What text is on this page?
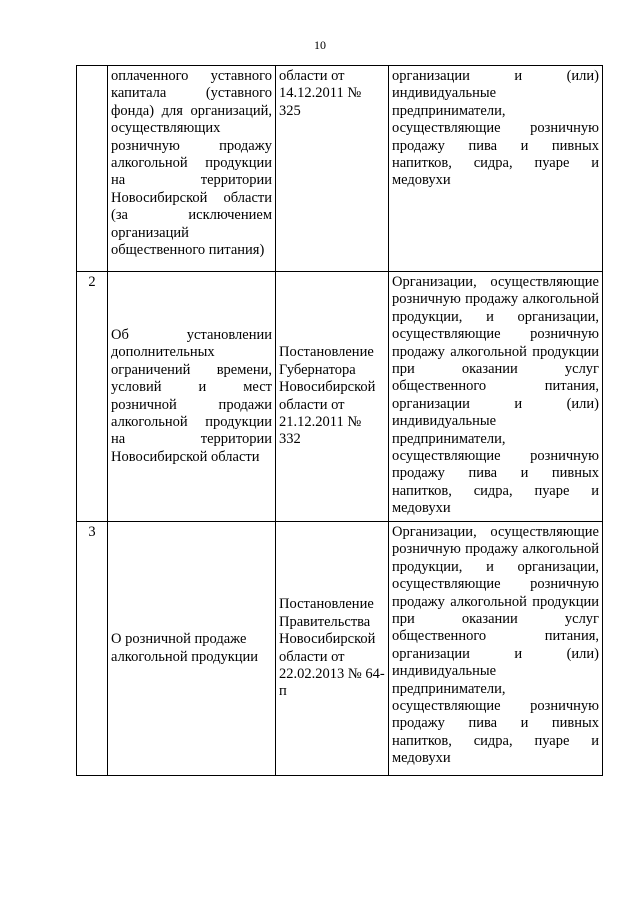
10
	оплаченного уставного капитала (уставного фонда) для организаций, осуществляющих розничную продажу алкогольной продукции на территории Новосибирской области (за исключением организаций общественного питания)	области от 14.12.2011 № 325	организации и (или) индивидуальные предприниматели, осуществляющие розничную продажу пива и пивных напитков, сидра, пуаре и медовухи
2	Об установлении дополнительных ограничений времени, условий и мест розничной продажи алкогольной продукции на территории Новосибирской области	Постановление Губернатора Новосибирской области от 21.12.2011 № 332	Организации, осуществляющие розничную продажу алкогольной продукции, и организации, осуществляющие розничную продажу алкогольной продукции при оказании услуг общественного питания, организации и (или) индивидуальные предприниматели, осуществляющие розничную продажу пива и пивных напитков, сидра, пуаре и медовухи
3	О розничной продаже алкогольной продукции	Постановление Правительства Новосибирской области от 22.02.2013 № 64-п	Организации, осуществляющие розничную продажу алкогольной продукции, и организации, осуществляющие розничную продажу алкогольной продукции при оказании услуг общественного питания, организации и (или) индивидуальные предприниматели, осуществляющие розничную продажу пива и пивных напитков, сидра, пуаре и медовухи
